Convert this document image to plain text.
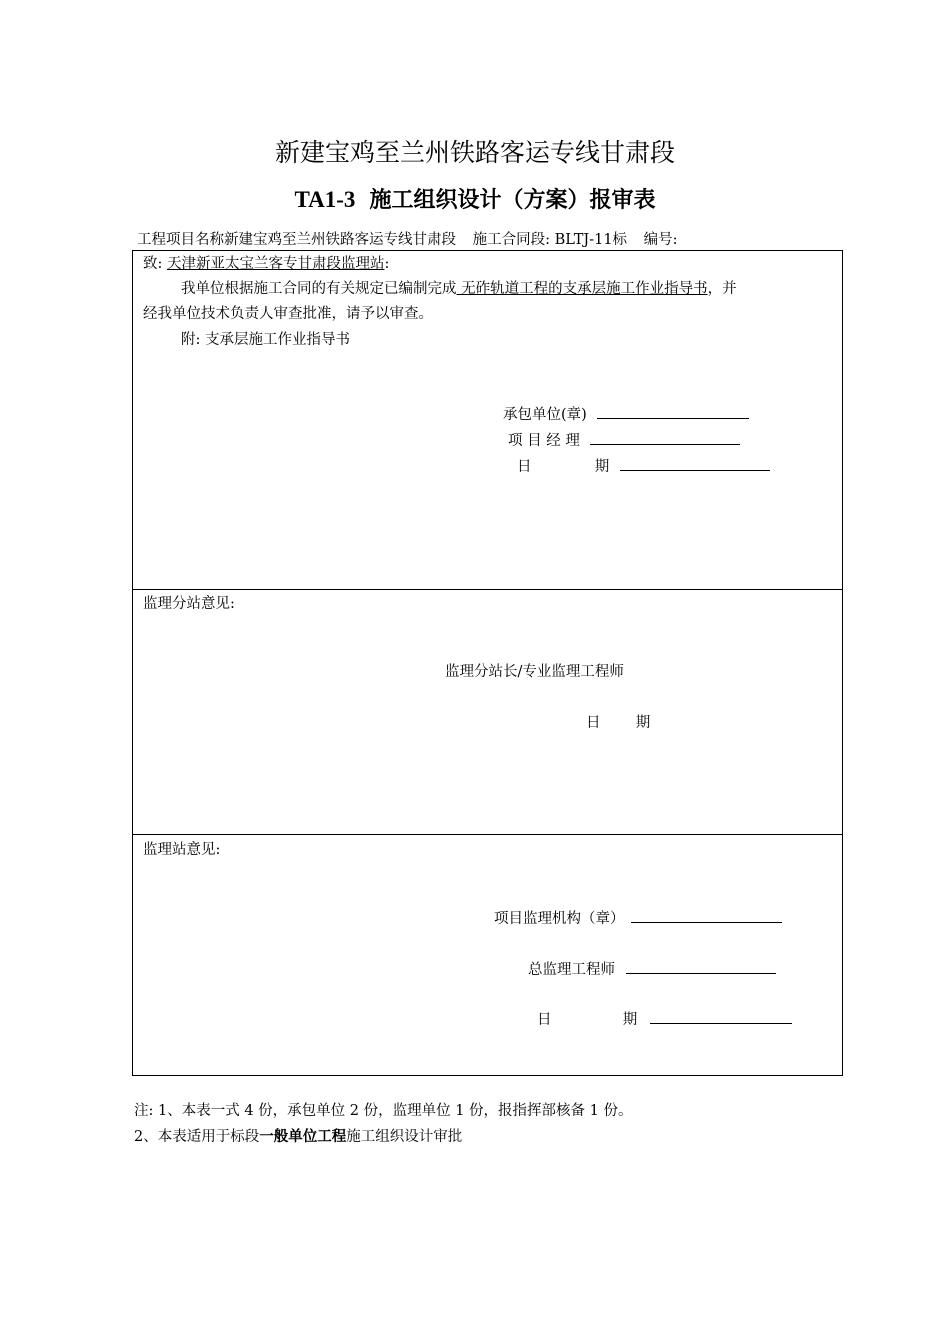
新建宝鸡至兰州铁路客运专线甘肃段
TA1-3 施工组织设计（方案）报审表
工程项目名称新建宝鸡至兰州铁路客运专线甘肃段 施工合同段: BLTJ-11标 编号:
致: 天津新亚太宝兰客专甘肃段监理站:
我单位根据施工合同的有关规定已编制完成 无砟轨道工程的支承层施工作业指导书，并
经我单位技术负责人审查批准，请予以审查。
附: 支承层施工作业指导书
承包单位(章)
项 目 经 理
日	期
监理分站意见:
监理分站长/专业监理工程师
日 期
监理站意见:
项目监理机构（章）
总监理工程师
日	期
注: 1、本表一式 4 份，承包单位 2 份，监理单位 1 份，报指挥部核备 1 份。
2、本表适用于标段一般单位工程施工组织设计审批
